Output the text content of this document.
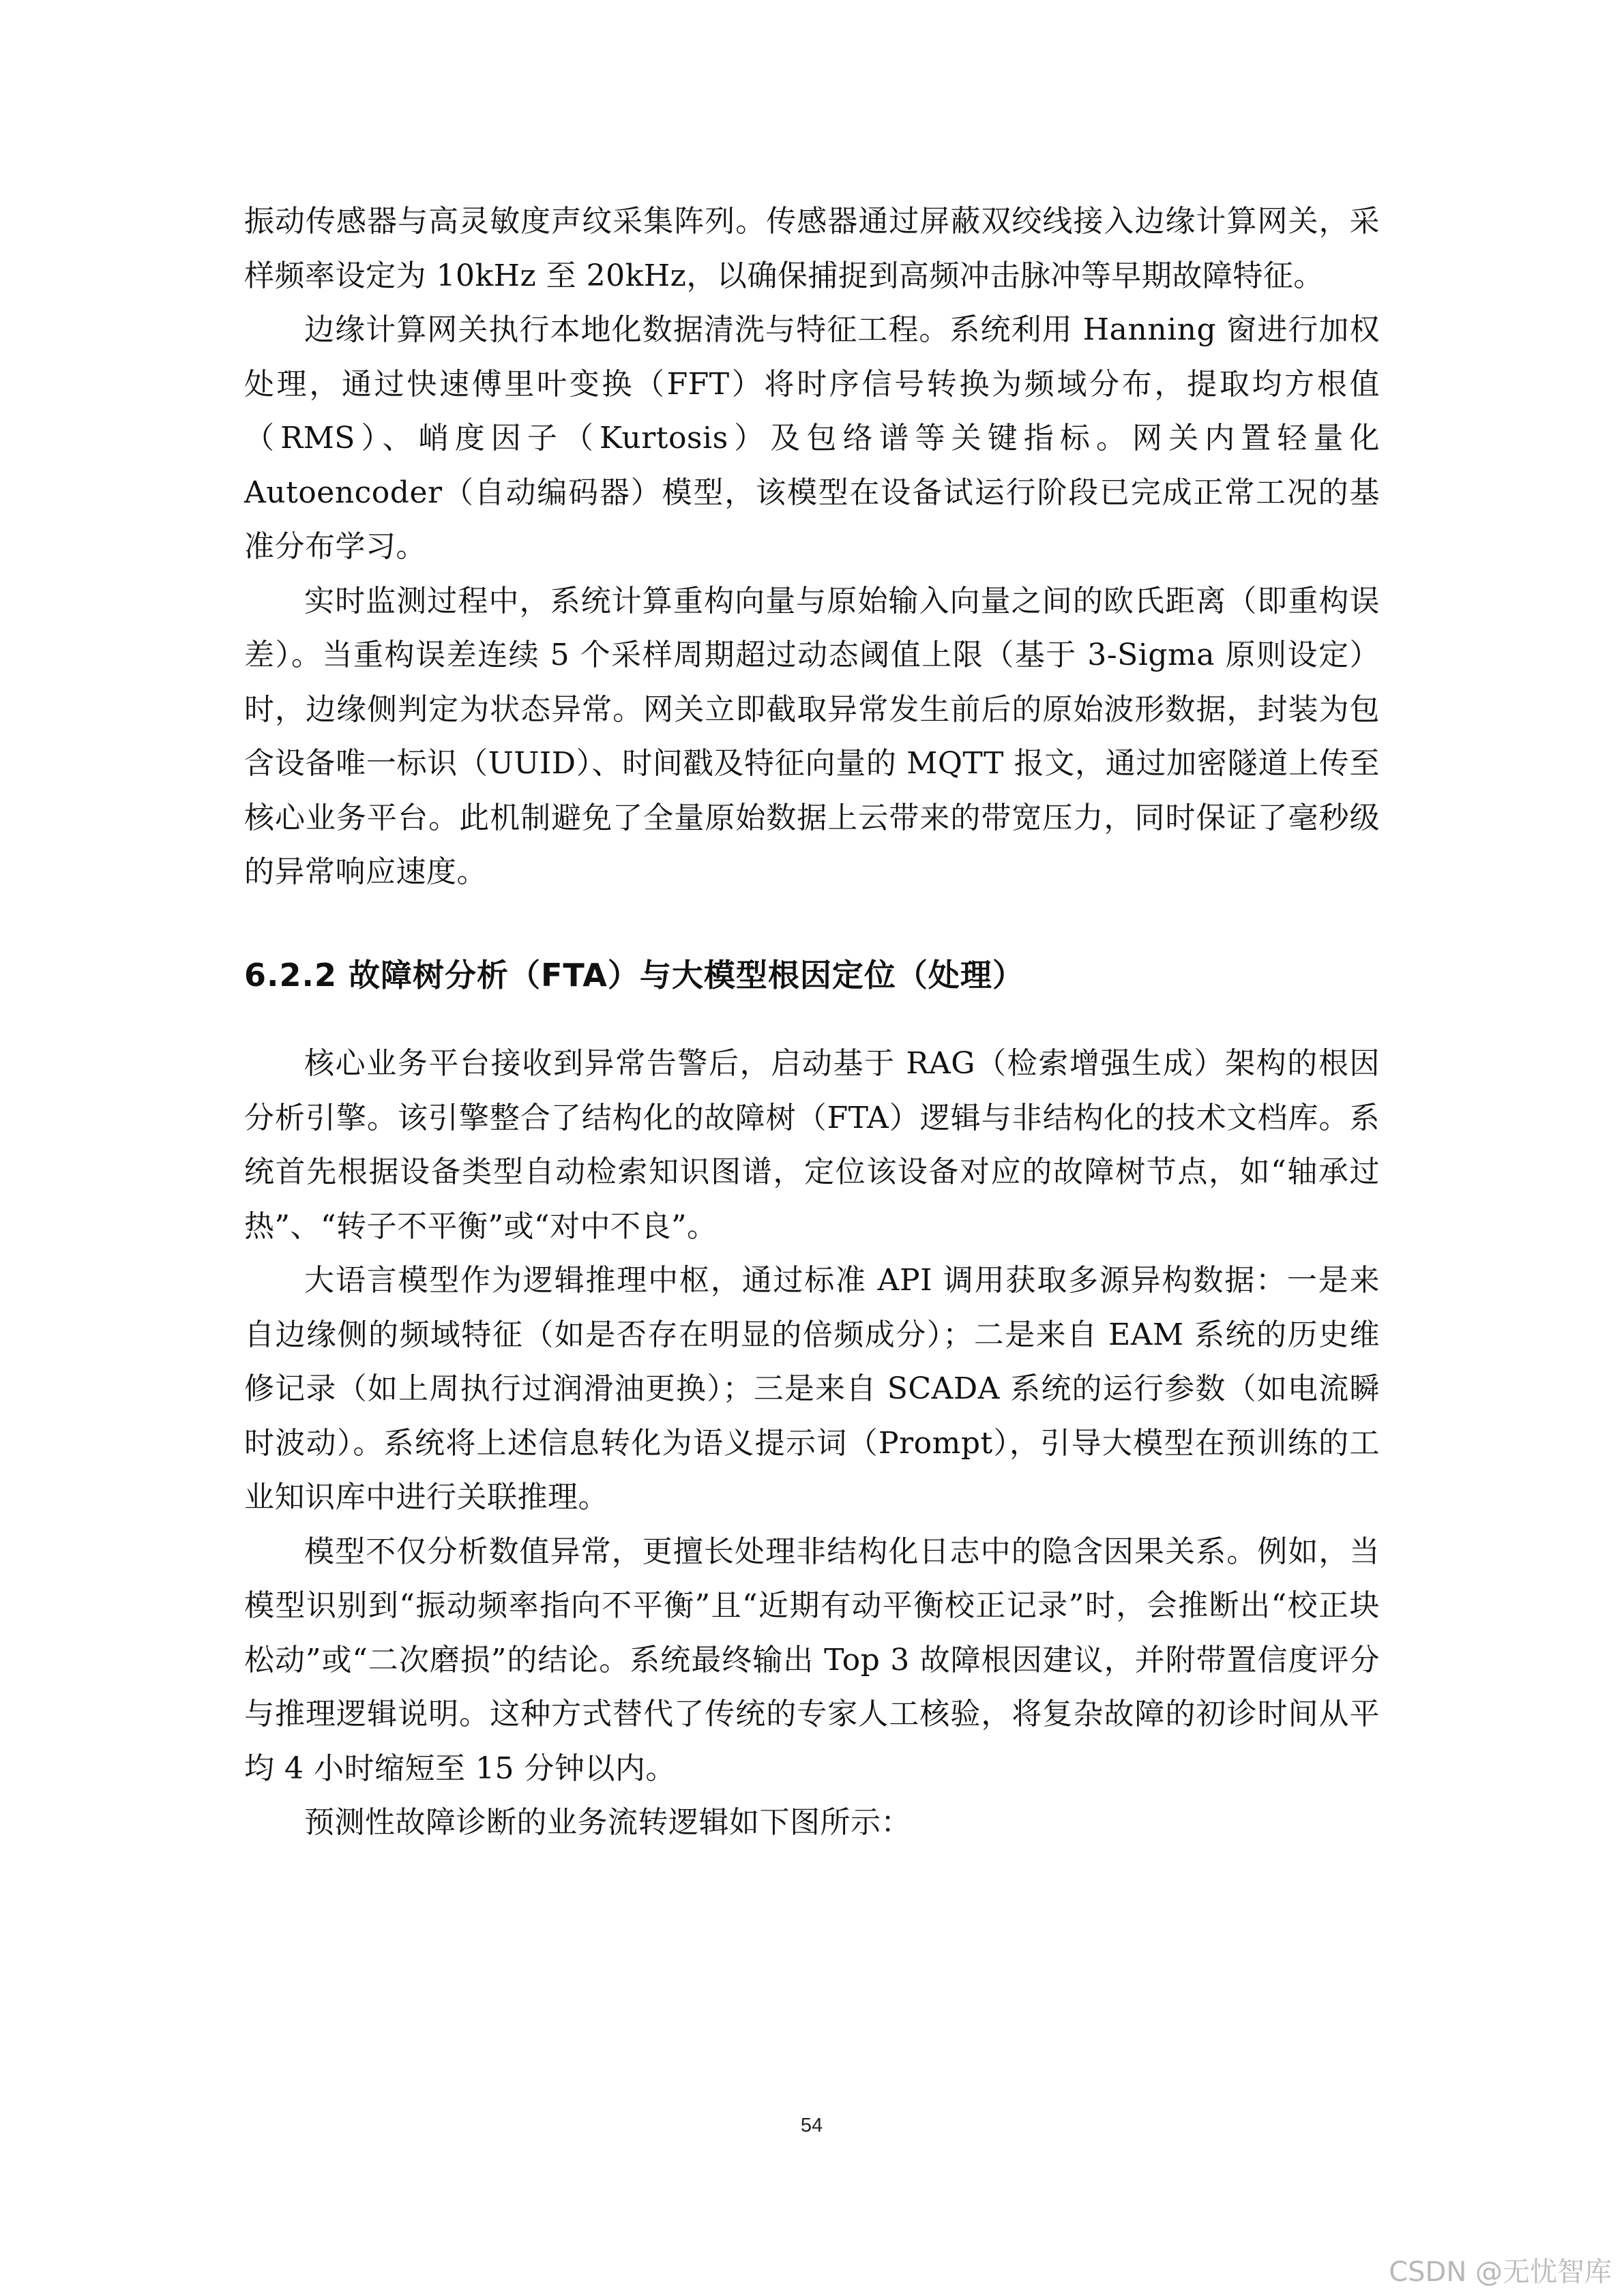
振动传感器与高灵敏度声纹采集阵列。传感器通过屏蔽双绞线接入边缘计算网关，采样频率设定为 10kHz 至 20kHz，以确保捕捉到高频冲击脉冲等早期故障特征。

边缘计算网关执行本地化数据清洗与特征工程。系统利用 Hanning 窗进行加权处理，通过快速傅里叶变换（FFT）将时序信号转换为频域分布，提取均方根值（RMS）、峭度因子（Kurtosis）及包络谱等关键指标。网关内置轻量化 Autoencoder（自动编码器）模型，该模型在设备试运行阶段已完成正常工况的基准分布学习。

实时监测过程中，系统计算重构向量与原始输入向量之间的欧氏距离（即重构误差）。当重构误差连续 5 个采样周期超过动态阈值上限（基于 3-Sigma 原则设定）时，边缘侧判定为状态异常。网关立即截取异常发生前后的原始波形数据，封装为包含设备唯一标识（UUID）、时间戳及特征向量的 MQTT 报文，通过加密隧道上传至核心业务平台。此机制避免了全量原始数据上云带来的带宽压力，同时保证了毫秒级的异常响应速度。

6.2.2 故障树分析（FTA）与大模型根因定位（处理）

核心业务平台接收到异常告警后，启动基于 RAG（检索增强生成）架构的根因分析引擎。该引擎整合了结构化的故障树（FTA）逻辑与非结构化的技术文档库。系统首先根据设备类型自动检索知识图谱，定位该设备对应的故障树节点，如“轴承过热”、“转子不平衡”或“对中不良”。

大语言模型作为逻辑推理中枢，通过标准 API 调用获取多源异构数据：一是来自边缘侧的频域特征（如是否存在明显的倍频成分）；二是来自 EAM 系统的历史维修记录（如上周执行过润滑油更换）；三是来自 SCADA 系统的运行参数（如电流瞬时波动）。系统将上述信息转化为语义提示词（Prompt），引导大模型在预训练的工业知识库中进行关联推理。

模型不仅分析数值异常，更擅长处理非结构化日志中的隐含因果关系。例如，当模型识别到“振动频率指向不平衡”且“近期有动平衡校正记录”时，会推断出“校正块松动”或“二次磨损”的结论。系统最终输出 Top 3 故障根因建议，并附带置信度评分与推理逻辑说明。这种方式替代了传统的专家人工核验，将复杂故障的初诊时间从平均 4 小时缩短至 15 分钟以内。

预测性故障诊断的业务流转逻辑如下图所示：

54
CSDN @无忧智库
